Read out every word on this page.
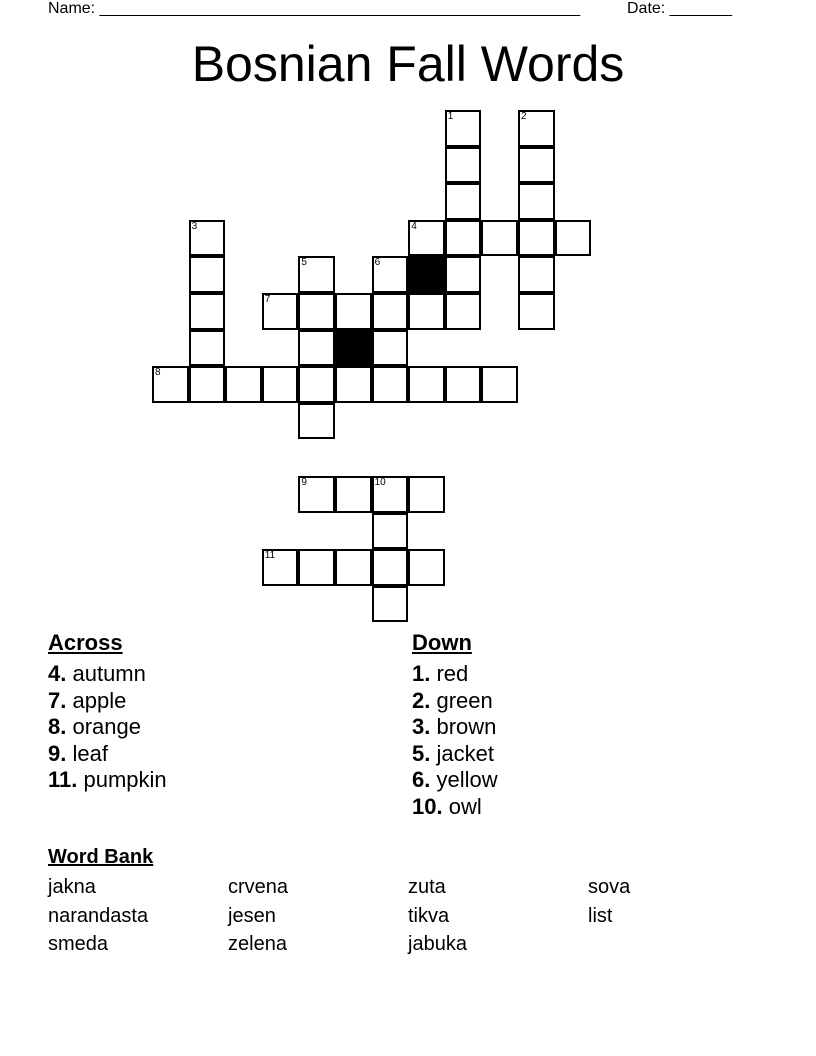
Name: ______________________________________________________	Date: _______
Bosnian Fall Words
1	2
4
3
5	6
7
8
9	10
11
Across
4. autumn
7. apple
8. orange
9. leaf
11. pumpkin
Down
1. red
2. green
3. brown
5. jacket
6. yellow
10. owl
Word Bank
jakna
narandasta
smeda
crvena
jesen
zelena
zuta
tikva
jabuka
sova
list
